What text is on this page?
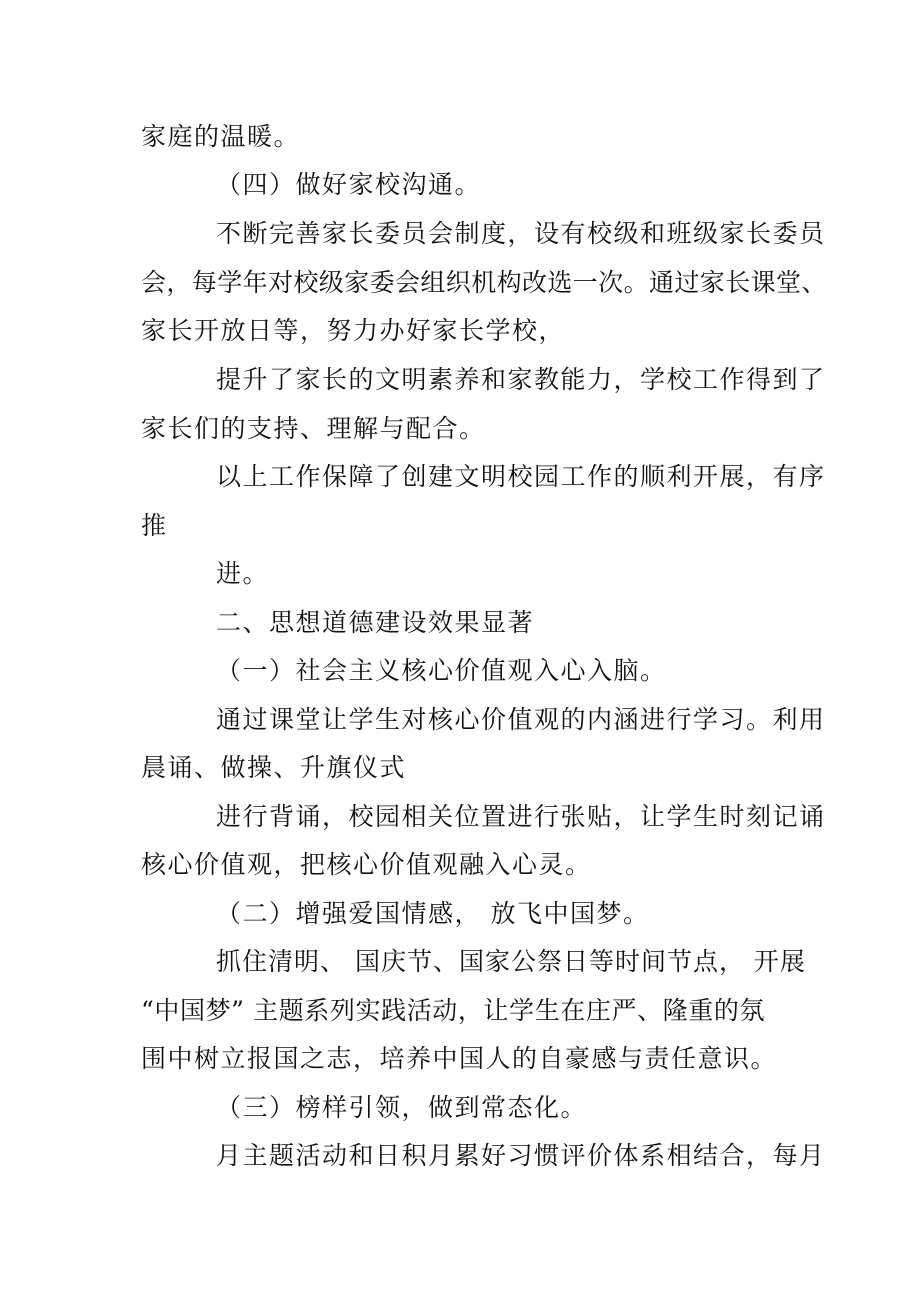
家庭的温暖。
（四）做好家校沟通。
不断完善家长委员会制度，设有校级和班级家长委员
会，每学年对校级家委会组织机构改选一次。通过家长课堂、
家长开放日等，努力办好家长学校，
提升了家长的文明素养和家教能力，学校工作得到了
家长们的支持、理解与配合。
以上工作保障了创建文明校园工作的顺利开展，有序
推
进。
二、思想道德建设效果显著
（一）社会主义核心价值观入心入脑。
通过课堂让学生对核心价值观的内涵进行学习。利用
晨诵、做操、升旗仪式
进行背诵，校园相关位置进行张贴，让学生时刻记诵
核心价值观，把核心价值观融入心灵。
（二）增强爱国情感， 放飞中国梦。
抓住清明、 国庆节、国家公祭日等时间节点， 开展
“中国梦” 主题系列实践活动，让学生在庄严、隆重的氛
围中树立报国之志，培养中国人的自豪感与责任意识。
（三）榜样引领，做到常态化。
月主题活动和日积月累好习惯评价体系相结合，每月
